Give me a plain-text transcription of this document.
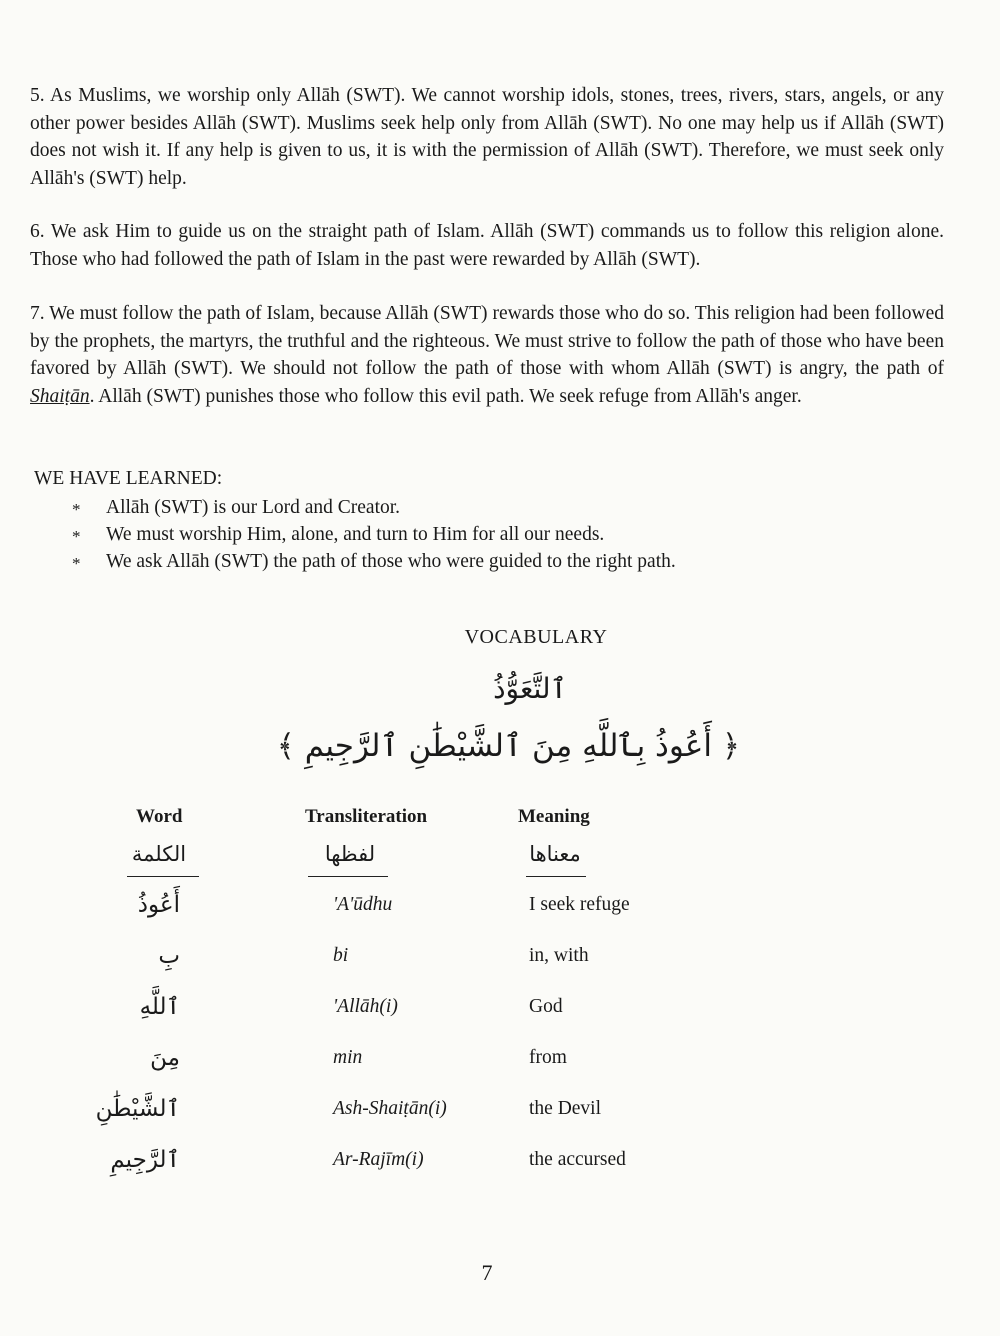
5. As Muslims, we worship only Allāh (SWT). We cannot worship idols, stones, trees, rivers, stars, angels, or any other power besides Allāh (SWT). Muslims seek help only from Allāh (SWT). No one may help us if Allāh (SWT) does not wish it. If any help is given to us, it is with the permission of Allāh (SWT). Therefore, we must seek only Allāh's (SWT) help.

6. We ask Him to guide us on the straight path of Islam. Allāh (SWT) commands us to follow this religion alone. Those who had followed the path of Islam in the past were rewarded by Allāh (SWT).

7. We must follow the path of Islam, because Allāh (SWT) rewards those who do so. This religion had been followed by the prophets, the martyrs, the truthful and the righteous. We must strive to follow the path of those who have been favored by Allāh (SWT). We should not follow the path of those with whom Allāh (SWT) is angry, the path of Shaiṭān. Allāh (SWT) punishes those who follow this evil path. We seek refuge from Allāh's anger.

WE HAVE LEARNED:

* Allāh (SWT) is our Lord and Creator.
* We must worship Him, alone, and turn to Him for all our needs.
* We ask Allāh (SWT) the path of those who were guided to the right path.

VOCABULARY

ٱلتَّعَوُّذُ
﴿ أَعُوذُ بِٱللَّهِ مِنَ ٱلشَّيْطَٰنِ ٱلرَّجِيمِ ﴾
Word	Transliteration	Meaning
الكلمة	لفظها	معناها
أَعُوذُ	'A'ūdhu	I seek refuge
بِ	bi	in, with
ٱللَّهِ	'Allāh(i)	God
مِنَ	min	from
ٱلشَّيْطَٰنِ	Ash-Shaiṭān(i)	the Devil
ٱلرَّجِيمِ	Ar-Rajīm(i)	the accursed
7
